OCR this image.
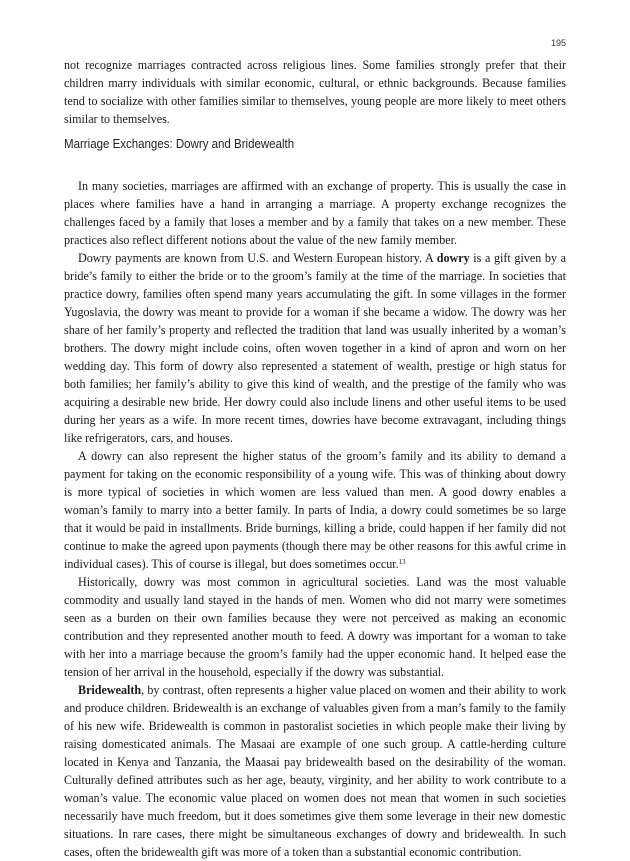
195

not recognize marriages contracted across religious lines. Some families strongly prefer that their children marry individuals with similar economic, cultural, or ethnic backgrounds. Because families tend to socialize with other families similar to themselves, young people are more likely to meet others similar to themselves.

Marriage Exchanges: Dowry and Bridewealth

In many societies, marriages are affirmed with an exchange of property. This is usually the case in places where families have a hand in arranging a marriage. A property exchange recognizes the challenges faced by a family that loses a member and by a family that takes on a new member. These practices also reflect different notions about the value of the new family member.

Dowry payments are known from U.S. and Western European history. A dowry is a gift given by a bride’s family to either the bride or to the groom’s family at the time of the marriage. In societies that practice dowry, families often spend many years accumulating the gift. In some villages in the former Yugoslavia, the dowry was meant to provide for a woman if she became a widow. The dowry was her share of her family’s property and reflected the tradition that land was usually inherited by a woman’s brothers. The dowry might include coins, often woven together in a kind of apron and worn on her wedding day. This form of dowry also represented a statement of wealth, prestige or high status for both families; her family’s ability to give this kind of wealth, and the prestige of the family who was acquiring a desirable new bride. Her dowry could also include linens and other useful items to be used during her years as a wife. In more recent times, dowries have become extravagant, including things like refrigerators, cars, and houses.

A dowry can also represent the higher status of the groom’s family and its ability to demand a payment for taking on the economic responsibility of a young wife. This was of thinking about dowry is more typical of societies in which women are less valued than men. A good dowry enables a woman’s family to marry into a better family. In parts of India, a dowry could sometimes be so large that it would be paid in installments. Bride burnings, killing a bride, could happen if her family did not continue to make the agreed upon payments (though there may be other reasons for this awful crime in individual cases). This of course is illegal, but does sometimes occur.$^{13}$

Historically, dowry was most common in agricultural societies. Land was the most valuable commodity and usually land stayed in the hands of men. Women who did not marry were sometimes seen as a burden on their own families because they were not perceived as making an economic contribution and they represented another mouth to feed. A dowry was important for a woman to take with her into a marriage because the groom’s family had the upper economic hand. It helped ease the tension of her arrival in the household, especially if the dowry was substantial.

Bridewealth, by contrast, often represents a higher value placed on women and their ability to work and produce children. Bridewealth is an exchange of valuables given from a man’s family to the family of his new wife. Bridewealth is common in pastoralist societies in which people make their living by raising domesticated animals. The Masaai are example of one such group. A cattle-herding culture located in Kenya and Tanzania, the Maasai pay bridewealth based on the desirability of the woman. Culturally defined attributes such as her age, beauty, virginity, and her ability to work contribute to a woman’s value. The economic value placed on women does not mean that women in such societies necessarily have much freedom, but it does sometimes give them some leverage in their new domestic situations. In rare cases, there might be simultaneous exchanges of dowry and bridewealth. In such cases, often the bridewealth gift was more of a token than a substantial economic contribution.
